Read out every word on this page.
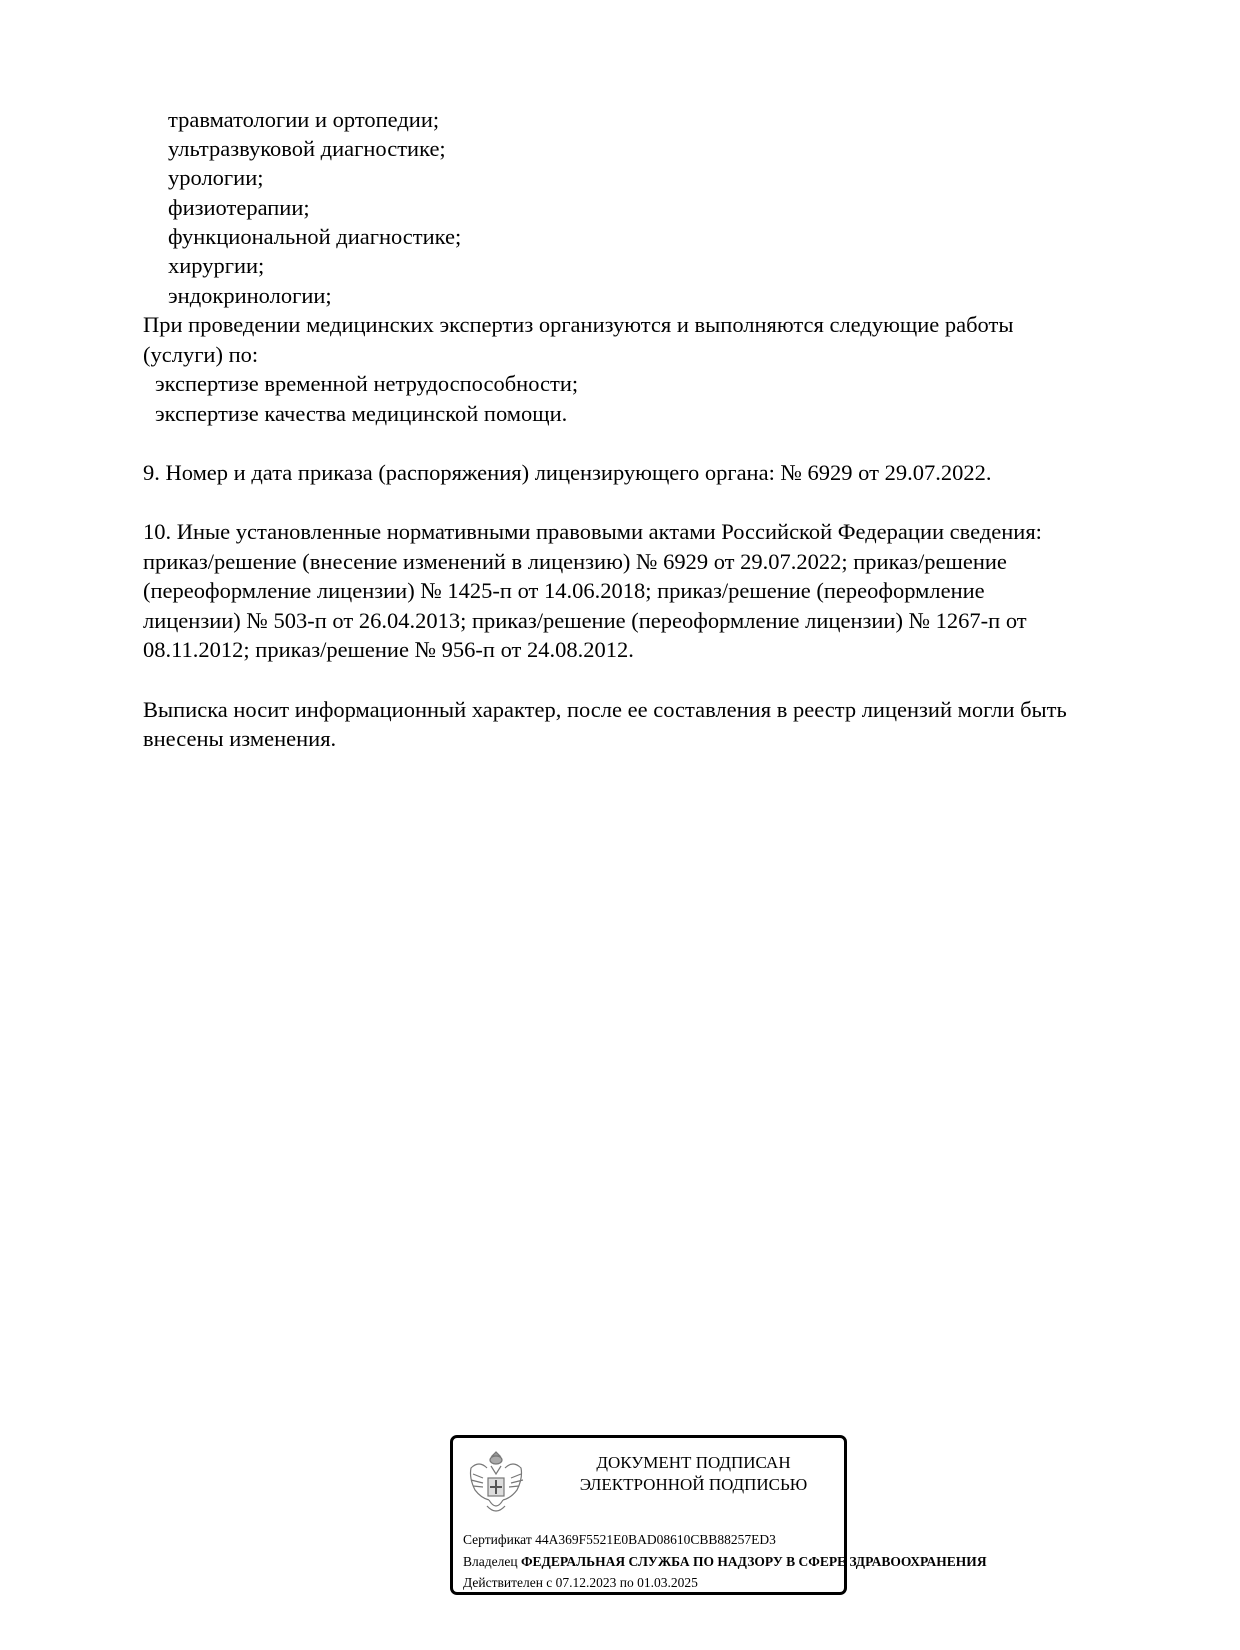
травматологии и ортопедии;
ультразвуковой диагностике;
урологии;
физиотерапии;
функциональной диагностике;
хирургии;
эндокринологии;
При проведении медицинских экспертиз организуются и выполняются следующие работы
(услуги) по:
экспертизе временной нетрудоспособности;
экспертизе качества медицинской помощи.
9. Номер и дата приказа (распоряжения) лицензирующего органа: № 6929 от 29.07.2022.
10. Иные установленные нормативными правовыми актами Российской Федерации сведения:
приказ/решение (внесение изменений в лицензию) № 6929 от 29.07.2022; приказ/решение
(переоформление лицензии) № 1425-п от 14.06.2018; приказ/решение (переоформление
лицензии) № 503-п от 26.04.2013; приказ/решение (переоформление лицензии) № 1267-п от
08.11.2012; приказ/решение № 956-п от 24.08.2012.
Выписка носит информационный характер, после ее составления в реестр лицензий могли быть
внесены изменения.
ДОКУМЕНТ ПОДПИСАН
ЭЛЕКТРОННОЙ ПОДПИСЬЮ
Сертификат 44A369F5521E0BAD08610CBB88257ED3
Владелец ФЕДЕРАЛЬНАЯ СЛУЖБА ПО НАДЗОРУ В СФЕРЕ ЗДРАВООХРАНЕНИЯ
Действителен с 07.12.2023 по 01.03.2025
